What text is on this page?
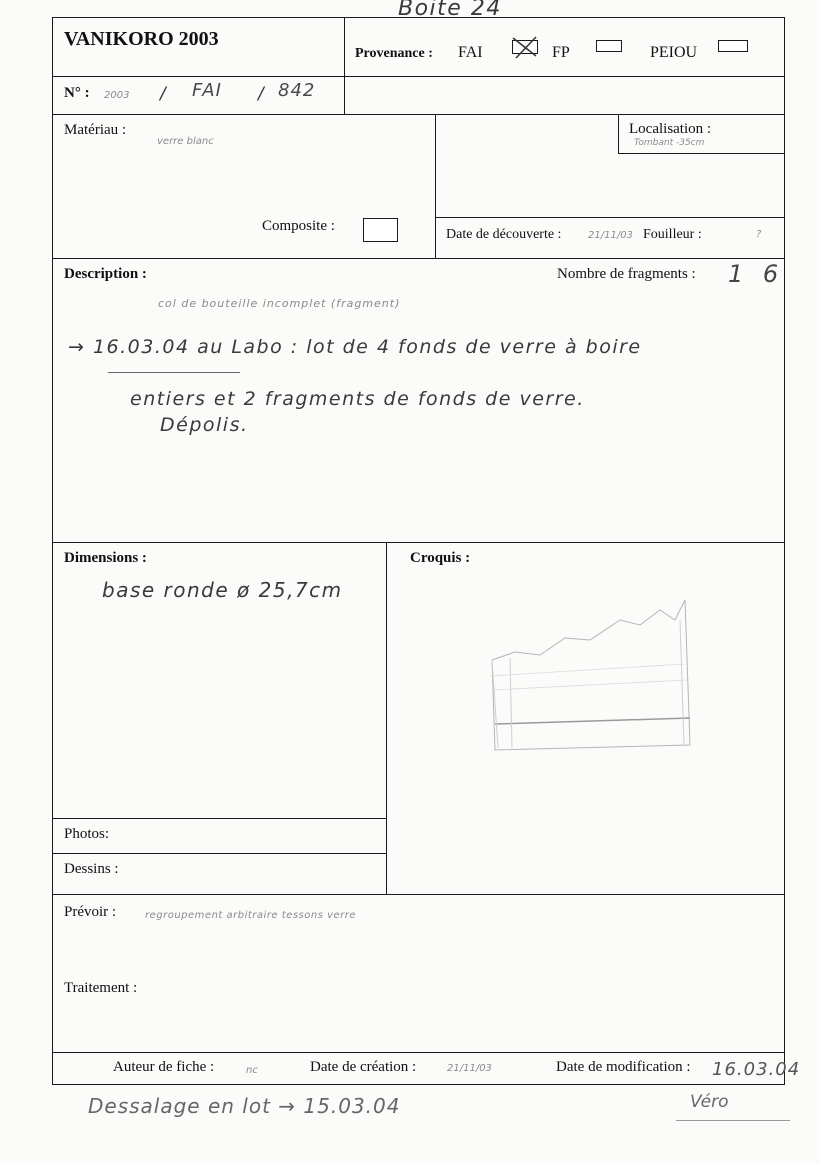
Boite 24
VANIKORO 2003
Provenance : FAI	FP	PEIOU
N° : 2003 / FAI / 842
Matériau :
verre blanc
Localisation :
Tombant -35cm
Composite :
Date de découverte :	21/11/03 Fouilleur :	?
Description :	Nombre de fragments : 1 6
col de bouteille incomplet (fragment)
→ 16.03.04 au Labo : lot de 4 fonds de verre à boire
entiers et 2 fragments de fonds de verre.
Dépolis.
Dimensions :
base ronde ø 25,7cm
Croquis :
Photos:
Dessins :
Prévoir :	regroupement arbitraire tessons verre
Traitement :
Auteur de fiche :	nc	Date de création :	21/11/03	Date de modification : 16.03.04
Véro
Dessalage en lot → 15.03.04
